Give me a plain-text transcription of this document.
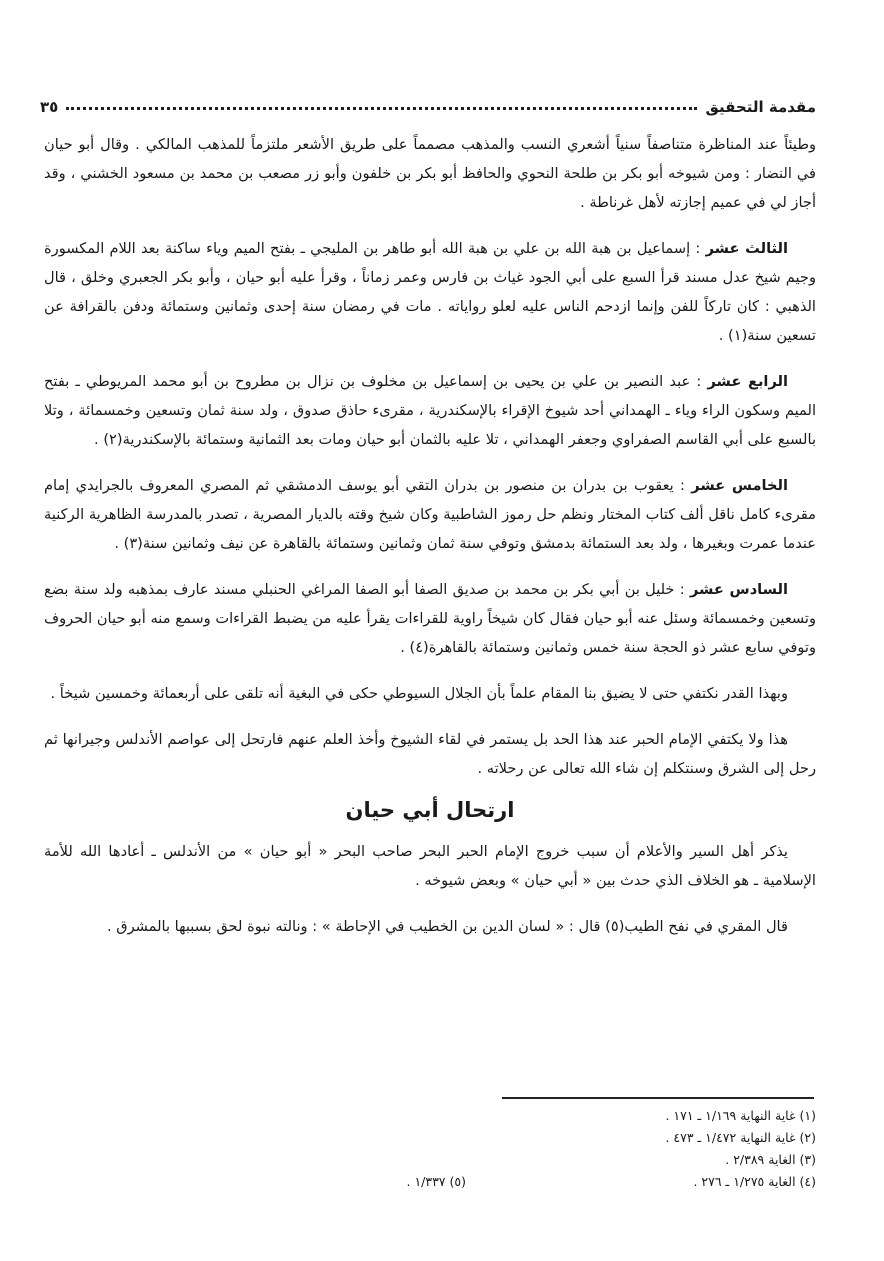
مقدمة التحقيق
٣٥

وطيئاً عند المناظرة متناصفاً سنياً أشعري النسب والمذهب مصمماً على طريق الأشعر ملتزماً للمذهب المالكي . وقال أبو حيان في النضار : ومن شيوخه أبو بكر بن طلحة النحوي والحافظ أبو بكر بن خلفون وأبو زر مصعب بن محمد بن مسعود الخشني ، وقد أجاز لي في عميم إجازته لأهل غرناطة .

الثالث عشر : إسماعيل بن هبة الله بن علي بن هبة الله أبو طاهر بن المليجي ـ بفتح الميم وياء ساكنة بعد اللام المكسورة وجيم شيخ عدل مسند قرأ السبع على أبي الجود غياث بن فارس وعمر زماناً ، وقرأ عليه أبو حيان ، وأبو بكر الجعبري وخلق ، قال الذهبي : كان تاركاً للفن وإنما ازدحم الناس عليه لعلو رواياته . مات في رمضان سنة إحدى وثمانين وستمائة ودفن بالقرافة عن تسعين سنة(١) .

الرابع عشر : عبد النصير بن علي بن يحيى بن إسماعيل بن مخلوف بن نزال بن مطروح بن أبو محمد المريوطي ـ بفتح الميم وسكون الراء وياء ـ الهمداني أحد شيوخ الإقراء بالإسكندرية ، مقرىء حاذق صدوق ، ولد سنة ثمان وتسعين وخمسمائة ، وتلا بالسبع على أبي القاسم الصفراوي وجعفر الهمداني ، تلا عليه بالثمان أبو حيان ومات بعد الثمانية وستمائة بالإسكندرية(٢) .

الخامس عشر : يعقوب بن بدران بن منصور بن بدران التقي أبو يوسف الدمشقي ثم المصري المعروف بالجرايدي إمام مقرىء كامل ناقل ألف كتاب المختار ونظم حل رموز الشاطبية وكان شيخ وقته بالديار المصرية ، تصدر بالمدرسة الظاهرية الركنية عندما عمرت وبغيرها ، ولد بعد الستمائة بدمشق وتوفي سنة ثمان وثمانين وستمائة بالقاهرة عن نيف وثمانين سنة(٣) .

السادس عشر : خليل بن أبي بكر بن محمد بن صديق الصفا أبو الصفا المراغي الحنبلي مسند عارف بمذهبه ولد سنة بضع وتسعين وخمسمائة وسئل عنه أبو حيان فقال كان شيخاً راوية للقراءات يقرأ عليه من يضبط القراءات وسمع منه أبو حيان الحروف وتوفي سابع عشر ذو الحجة سنة خمس وثمانين وستمائة بالقاهرة(٤) .

وبهذا القدر نكتفي حتى لا يضيق بنا المقام علماً بأن الجلال السيوطي حكى في البغية أنه تلقى على أربعمائة وخمسين شيخاً .

هذا ولا يكتفي الإمام الحبر عند هذا الحد بل يستمر في لقاء الشيوخ وأخذ العلم عنهم فارتحل إلى عواصم الأندلس وجيرانها ثم رحل إلى الشرق وسنتكلم إن شاء الله تعالى عن رحلاته .

ارتحال أبي حيان

يذكر أهل السير والأعلام أن سبب خروج الإمام الحبر البحر صاحب البحر « أبو حيان » من الأندلس ـ أعادها الله للأمة الإسلامية ـ هو الخلاف الذي حدث بين « أبي حيان » وبعض شيوخه .

قال المقري في نفح الطيب(٥) قال : « لسان الدين بن الخطيب في الإحاطة » : ونالته نبوة لحق بسببها بالمشرق .

(١) غاية النهاية ١/١٦٩ ـ ١٧١ .
(٢) غاية النهاية ١/٤٧٢ ـ ٤٧٣ .
(٣) الغاية ٢/٣٨٩ .
(٤) الغاية ١/٢٧٥ ـ ٢٧٦ .
(٥) ١/٣٣٧ .
